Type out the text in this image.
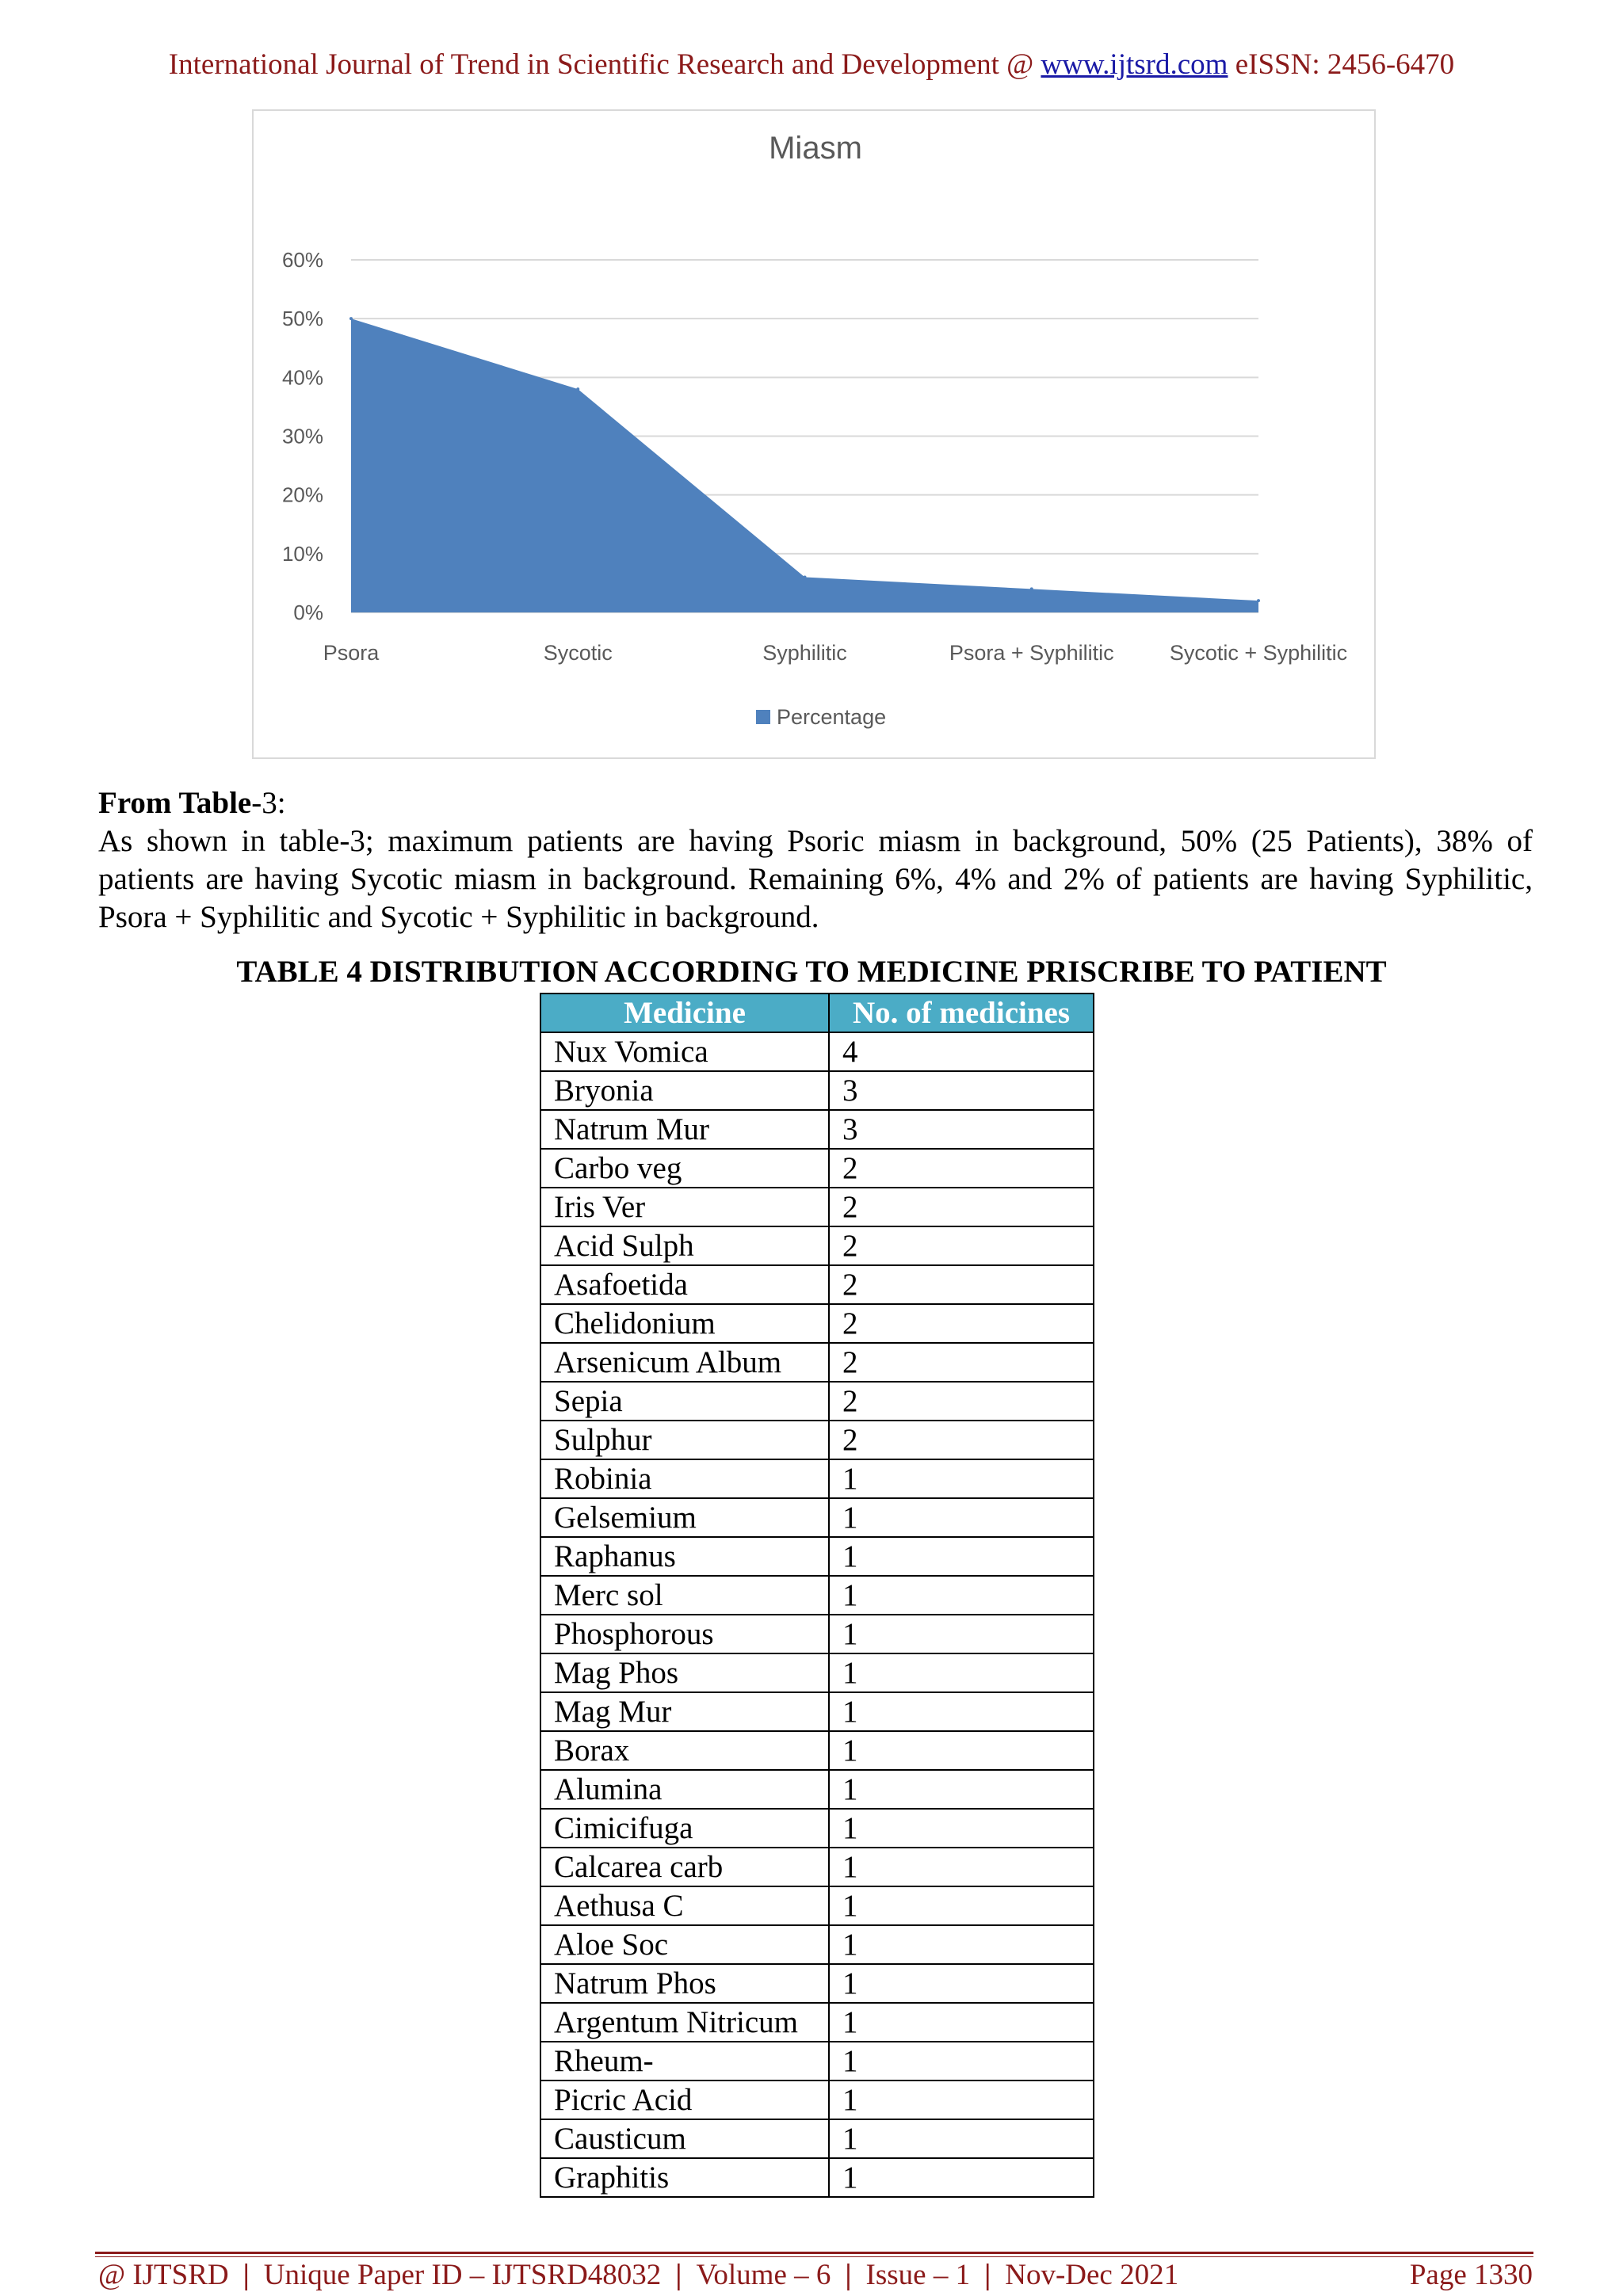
International Journal of Trend in Scientific Research and Development @ www.ijtsrd.com eISSN: 2456-6470
Miasm
0%
10%
20%
30%
40%
50%
60%
Psora	Sycotic	Syphilitic	Psora + Syphilitic	Sycotic + Syphilitic
Percentage
From Table-3:
As shown in table-3; maximum patients are having Psoric miasm in background, 50% (25 Patients), 38% of patients are having Sycotic miasm in background. Remaining 6%, 4% and 2% of patients are having Syphilitic, Psora + Syphilitic and Sycotic + Syphilitic in background.
TABLE 4 DISTRIBUTION ACCORDING TO MEDICINE PRISCRIBE TO PATIENT
Medicine	No. of medicines
Nux Vomica	4
Bryonia	3
Natrum Mur	3
Carbo veg	2
Iris Ver	2
Acid Sulph	2
Asafoetida	2
Chelidonium	2
Arsenicum Album	2
Sepia	2
Sulphur	2
Robinia	1
Gelsemium	1
Raphanus	1
Merc sol	1
Phosphorous	1
Mag Phos	1
Mag Mur	1
Borax	1
Alumina	1
Cimicifuga	1
Calcarea carb	1
Aethusa C	1
Aloe Soc	1
Natrum Phos	1
Argentum Nitricum	1
Rheum-	1
Picric Acid	1
Causticum	1
Graphitis	1
@ IJTSRD | Unique Paper ID – IJTSRD48032 | Volume – 6 | Issue – 1 | Nov-Dec 2021	Page 1330
